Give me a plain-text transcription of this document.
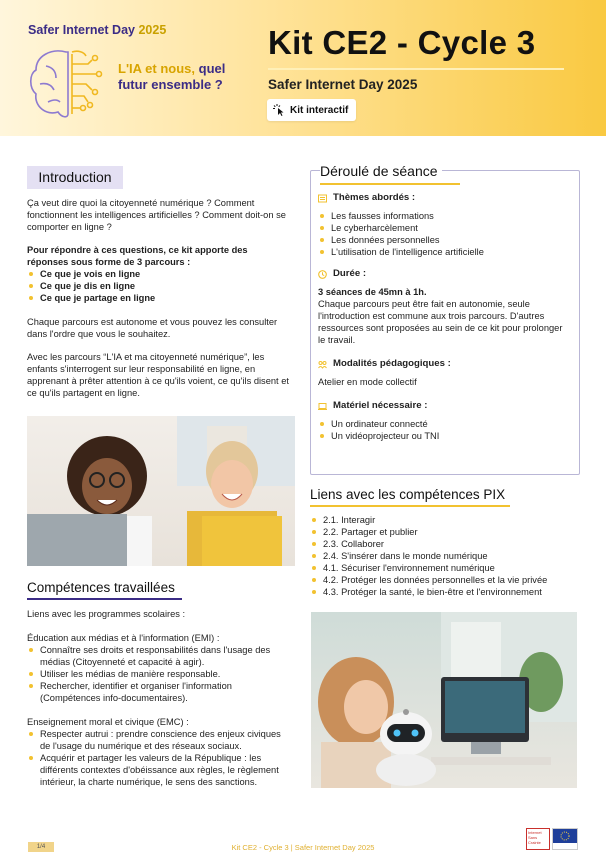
Safer Internet Day 2025
L'IA et nous, quel futur ensemble ?
Kit CE2 - Cycle 3
Safer Internet Day 2025
Kit interactif
Introduction

Ça veut dire quoi la citoyenneté numérique ? Comment fonctionnent les intelligences artificielles ? Comment doit-on se comporter en ligne ?

Pour répondre à ces questions, ce kit apporte des réponses sous forme de 3 parcours :

Ce que je vois en ligne
Ce que je dis en ligne
Ce que je partage en ligne

Chaque parcours est autonome et vous pouvez les consulter dans l'ordre que vous le souhaitez.

Avec les parcours “L'IA et ma citoyenneté numérique”, les enfants s'interrogent sur leur responsabilité en ligne, en apprenant à prêter attention à ce qu'ils voient, ce qu'ils disent et ce qu'ils partagent en ligne.

Compétences travaillées

Liens avec les programmes scolaires :

Éducation aux médias et à l'information (EMI) :

Connaître ses droits et responsabilités dans l'usage des médias (Citoyenneté et capacité à agir).
Utiliser les médias de manière responsable.
Rechercher, identifier et organiser l'information (Compétences info-documentaires).

Enseignement moral et civique (EMC) :

Respecter autrui : prendre conscience des enjeux civiques de l'usage du numérique et des réseaux sociaux.
Acquérir et partager les valeurs de la République : les différents contextes d'obéissance aux règles, le règlement intérieur, la charte numérique, le sens des sanctions.
Déroulé de séance
Thèmes abordés :
Les fausses informations
Le cyberharcèlement
Les données personnelles
L'utilisation de l'intelligence artificielle
Durée :

3 séances de 45mn à 1h.

Chaque parcours peut être fait en autonomie, seule l'introduction est commune aux trois parcours. D'autres ressources sont proposées au sein de ce kit pour prolonger le travail.

Modalités pédagogiques :

Atelier en mode collectif

Matériel nécessaire :
Un ordinateur connecté
Un vidéoprojecteur ou TNI
Liens avec les compétences PIX
2.1. Interagir
2.2. Partager et publier
2.3. Collaborer
2.4. S'insérer dans le monde numérique
4.1. Sécuriser l'environnement numérique
4.2. Protéger les données personnelles et la vie privée
4.3. Protéger la santé, le bien-être et l'environnement
1/4	Kit CE2 - Cycle 3 | Safer Internet Day 2025
Internet Sans Crainte
